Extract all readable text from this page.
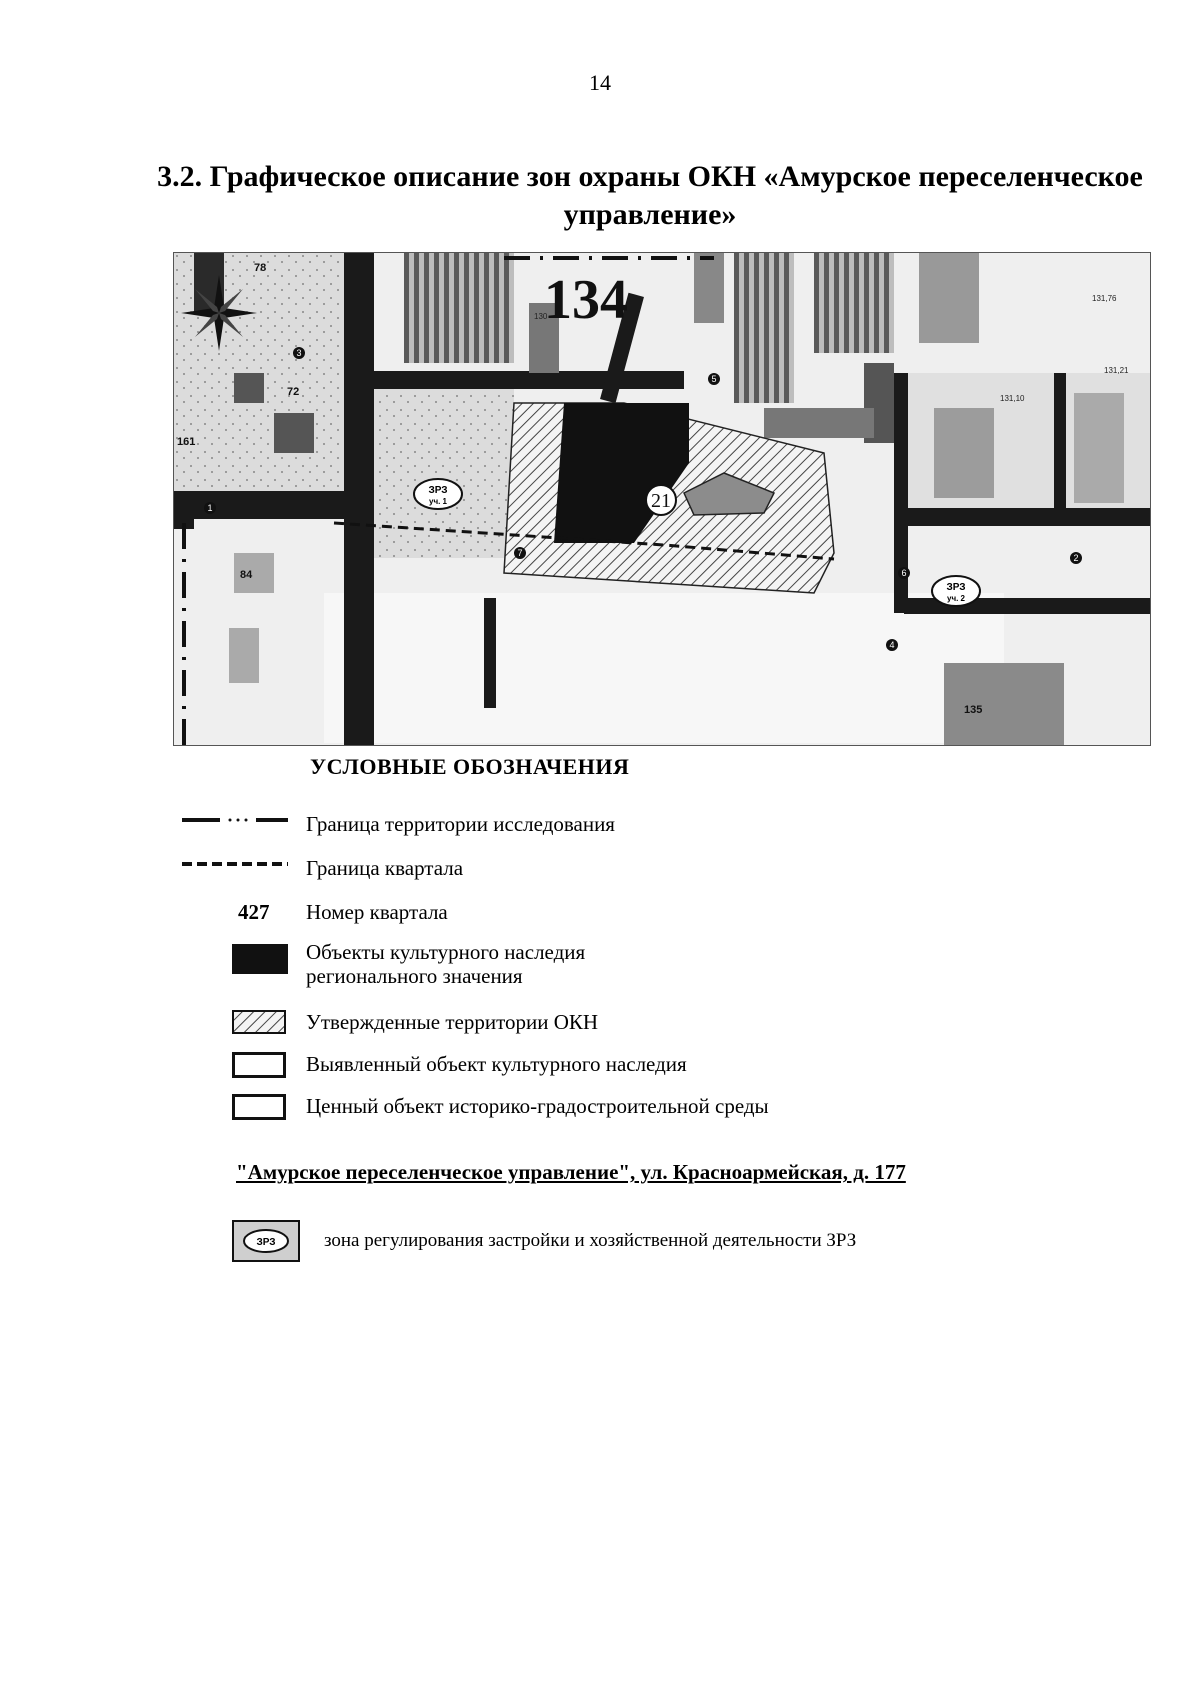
14
3.2. Графическое описание зон охраны ОКН «Амурское переселенческое управление»
134
21
ЗРЗ
уч. 1
ЗРЗ
уч. 2
1
2
3
4
5
6
7
78
72
84
161
135
131,76
131,21
131,10
130
УСЛОВНЫЕ ОБОЗНАЧЕНИЯ
Граница территории исследования
Граница квартала
427	Номер квартала
Объекты культурного наследия регионального значения
Утвержденные территории ОКН
Выявленный объект культурного наследия
Ценный объект историко-градостроительной среды
"Амурское переселенческое управление", ул. Красноармейская, д. 177
ЗРЗ	зона регулирования застройки и хозяйственной деятельности ЗРЗ
